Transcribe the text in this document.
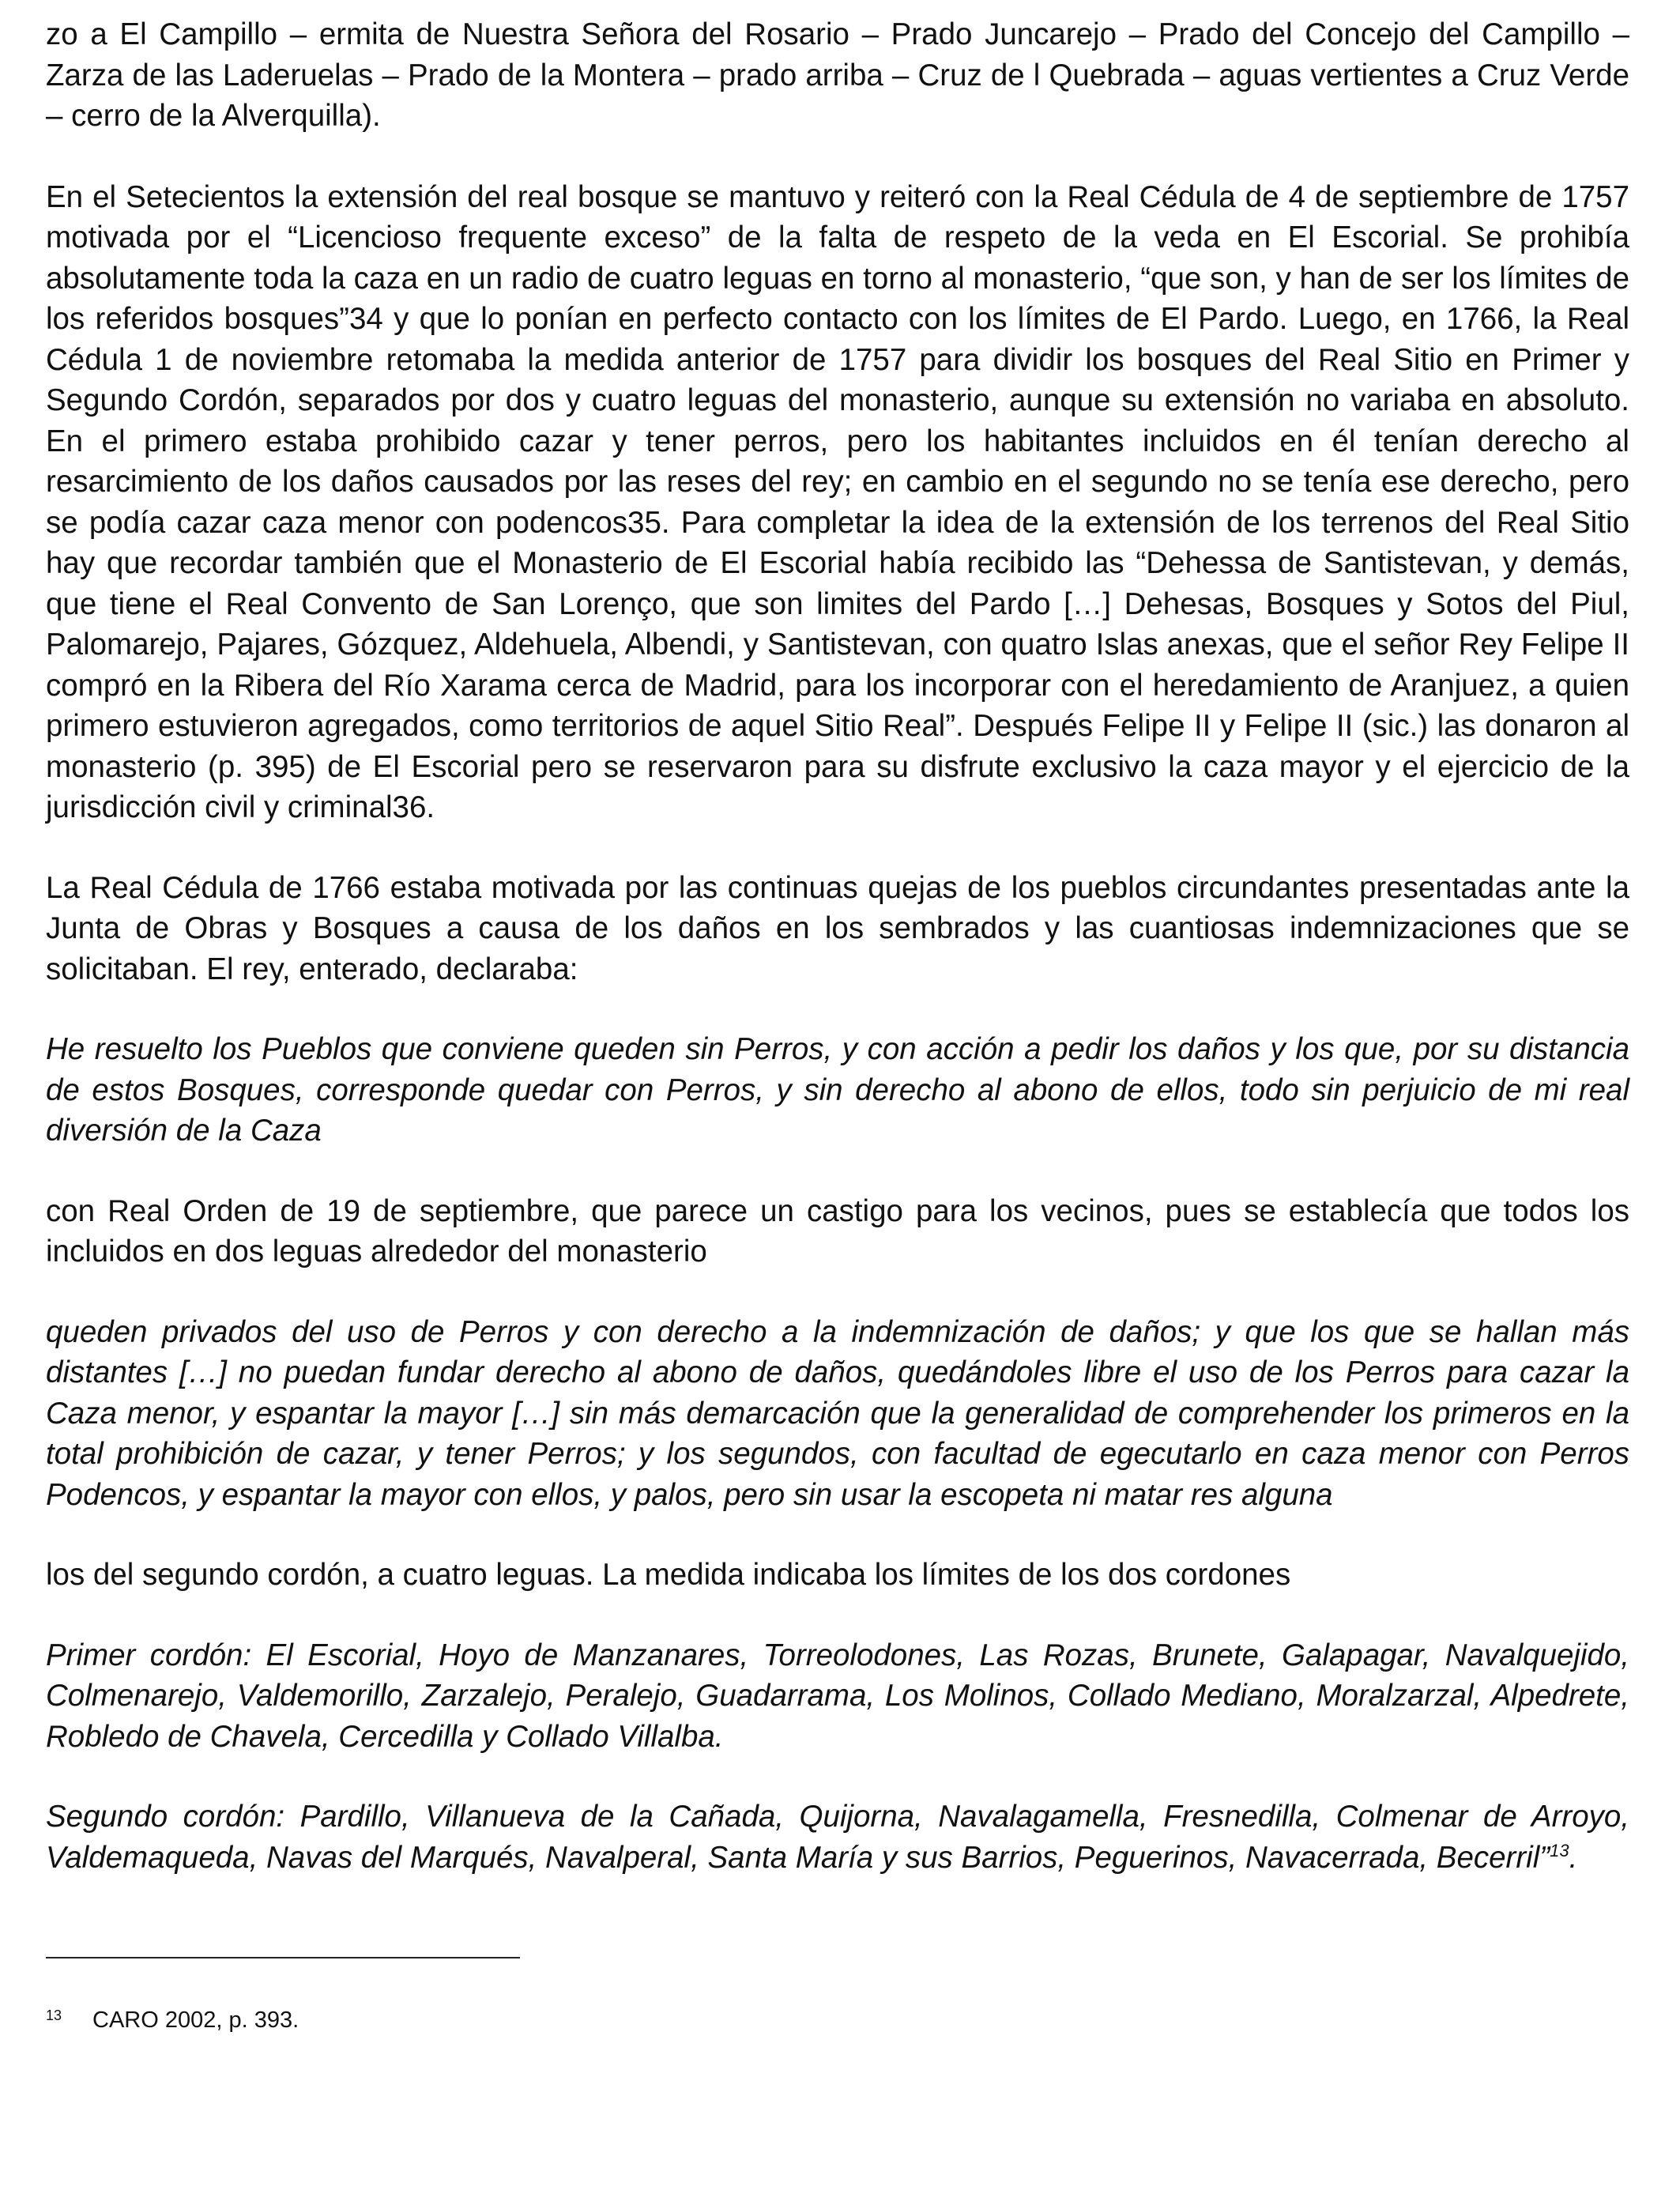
zo a El Campillo – ermita de Nuestra Señora del Rosario – Prado Juncarejo – Prado del Concejo del Campillo – Zarza de las Laderuelas – Prado de la Montera – prado arriba – Cruz de l Quebrada – aguas vertientes a Cruz Verde – cerro de la Alverquilla).

En el Setecientos la extensión del real bosque se mantuvo y reiteró con la Real Cédula de 4 de septiembre de 1757 motivada por el “Licencioso frequente exceso” de la falta de respeto de la veda en El Escorial. Se prohibía absolutamente toda la caza en un radio de cuatro leguas en torno al monasterio, “que son, y han de ser los límites de los referidos bosques”34 y que lo ponían en perfecto contacto con los límites de El Pardo. Luego, en 1766, la Real Cédula 1 de noviembre retomaba la medida anterior de 1757 para dividir los bosques del Real Sitio en Primer y Segundo Cordón, separados por dos y cuatro leguas del monasterio, aunque su extensión no variaba en absoluto. En el primero estaba prohibido cazar y tener perros, pero los habitantes incluidos en él tenían derecho al resarcimiento de los daños causados por las reses del rey; en cambio en el segundo no se tenía ese derecho, pero se podía cazar caza menor con podencos35. Para completar la idea de la extensión de los terrenos del Real Sitio hay que recordar también que el Monasterio de El Escorial había recibido las “Dehessa de Santistevan, y demás, que tiene el Real Convento de San Lorenço, que son limites del Pardo […] Dehesas, Bosques y Sotos del Piul, Palomarejo, Pajares, Gózquez, Aldehuela, Albendi, y Santistevan, con quatro Islas anexas, que el señor Rey Felipe II compró en la Ribera del Río Xarama cerca de Madrid, para los incorporar con el heredamiento de Aranjuez, a quien primero estuvieron agregados, como territorios de aquel Sitio Real”. Después Felipe II y Felipe II (sic.) las donaron al monasterio (p. 395) de El Escorial pero se reservaron para su disfrute exclusivo la caza mayor y el ejercicio de la jurisdicción civil y criminal36.

La Real Cédula de 1766 estaba motivada por las continuas quejas de los pueblos circundantes presentadas ante la Junta de Obras y Bosques a causa de los daños en los sembrados y las cuantiosas indemnizaciones que se solicitaban. El rey, enterado, declaraba:

He resuelto los Pueblos que conviene queden sin Perros, y con acción a pedir los daños y los que, por su distancia de estos Bosques, corresponde quedar con Perros, y sin derecho al abono de ellos, todo sin perjuicio de mi real diversión de la Caza

con Real Orden de 19 de septiembre, que parece un castigo para los vecinos, pues se establecía que todos los incluidos en dos leguas alrededor del monasterio

queden privados del uso de Perros y con derecho a la indemnización de daños; y que los que se hallan más distantes […] no puedan fundar derecho al abono de daños, quedándoles libre el uso de los Perros para cazar la Caza menor, y espantar la mayor […] sin más demarcación que la generalidad de comprehender los primeros en la total prohibición de cazar, y tener Perros; y los segundos, con facultad de egecutarlo en caza menor con Perros Podencos, y espantar la mayor con ellos, y palos, pero sin usar la escopeta ni matar res alguna

los del segundo cordón, a cuatro leguas. La medida indicaba los límites de los dos cordones

Primer cordón: El Escorial, Hoyo de Manzanares, Torreolodones, Las Rozas, Brunete, Galapagar, Navalquejido, Colmenarejo, Valdemorillo, Zarzalejo, Peralejo, Guadarrama, Los Molinos, Collado Mediano, Moralzarzal, Alpedrete, Robledo de Chavela, Cercedilla y Collado Villalba.

Segundo cordón: Pardillo, Villanueva de la Cañada, Quijorna, Navalagamella, Fresnedilla, Colmenar de Arroyo, Valdemaqueda, Navas del Marqués, Navalperal, Santa María y sus Barrios, Peguerinos, Navacerrada, Becerril”$^{13}$.

13	CARO 2002, p. 393.
